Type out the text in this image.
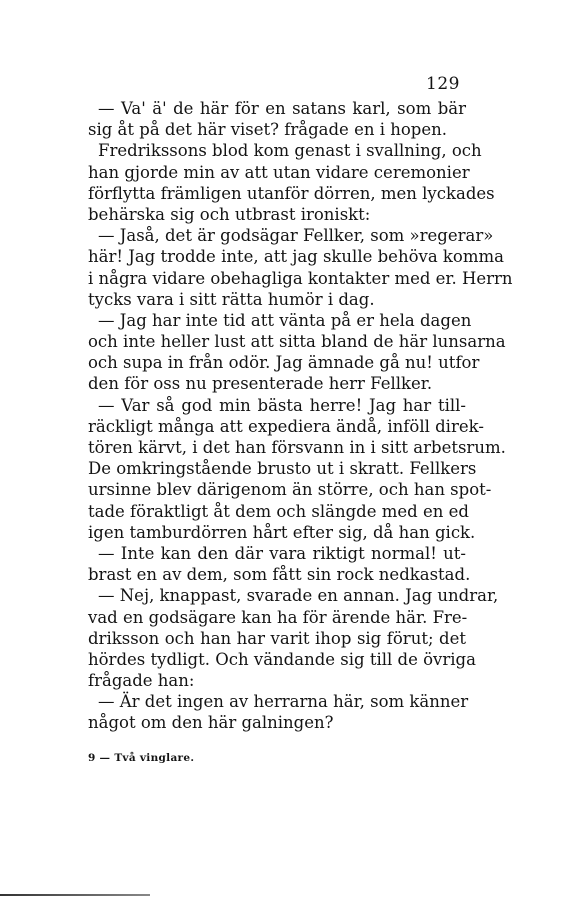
129
— Va' ä' de här för en satans karl, som bär
sig åt på det här viset? frågade en i hopen.
Fredrikssons blod kom genast i svallning, och
han gjorde min av att utan vidare ceremonier
förflytta främligen utanför dörren, men lyckades
behärska sig och utbrast ironiskt:
— Jaså, det är godsägar Fellker, som »regerar»
här! Jag trodde inte, att jag skulle behöva komma
i några vidare obehagliga kontakter med er. Herrn
tycks vara i sitt rätta humör i dag.
— Jag har inte tid att vänta på er hela dagen
och inte heller lust att sitta bland de här lunsarna
och supa in från odör. Jag ämnade gå nu! utfor
den för oss nu presenterade herr Fellker.
— Var så god min bästa herre! Jag har till-
räckligt många att expediera ändå, inföll direk-
tören kärvt, i det han försvann in i sitt arbetsrum.
De omkringstående brusto ut i skratt. Fellkers
ursinne blev därigenom än större, och han spot-
tade föraktligt åt dem och slängde med en ed
igen tamburdörren hårt efter sig, då han gick.
— Inte kan den där vara riktigt normal! ut-
brast en av dem, som fått sin rock nedkastad.
— Nej, knappast, svarade en annan. Jag undrar,
vad en godsägare kan ha för ärende här. Fre-
driksson och han har varit ihop sig förut; det
hördes tydligt. Och vändande sig till de övriga
frågade han:
— Är det ingen av herrarna här, som känner
något om den här galningen?
9 — Två vinglare.
